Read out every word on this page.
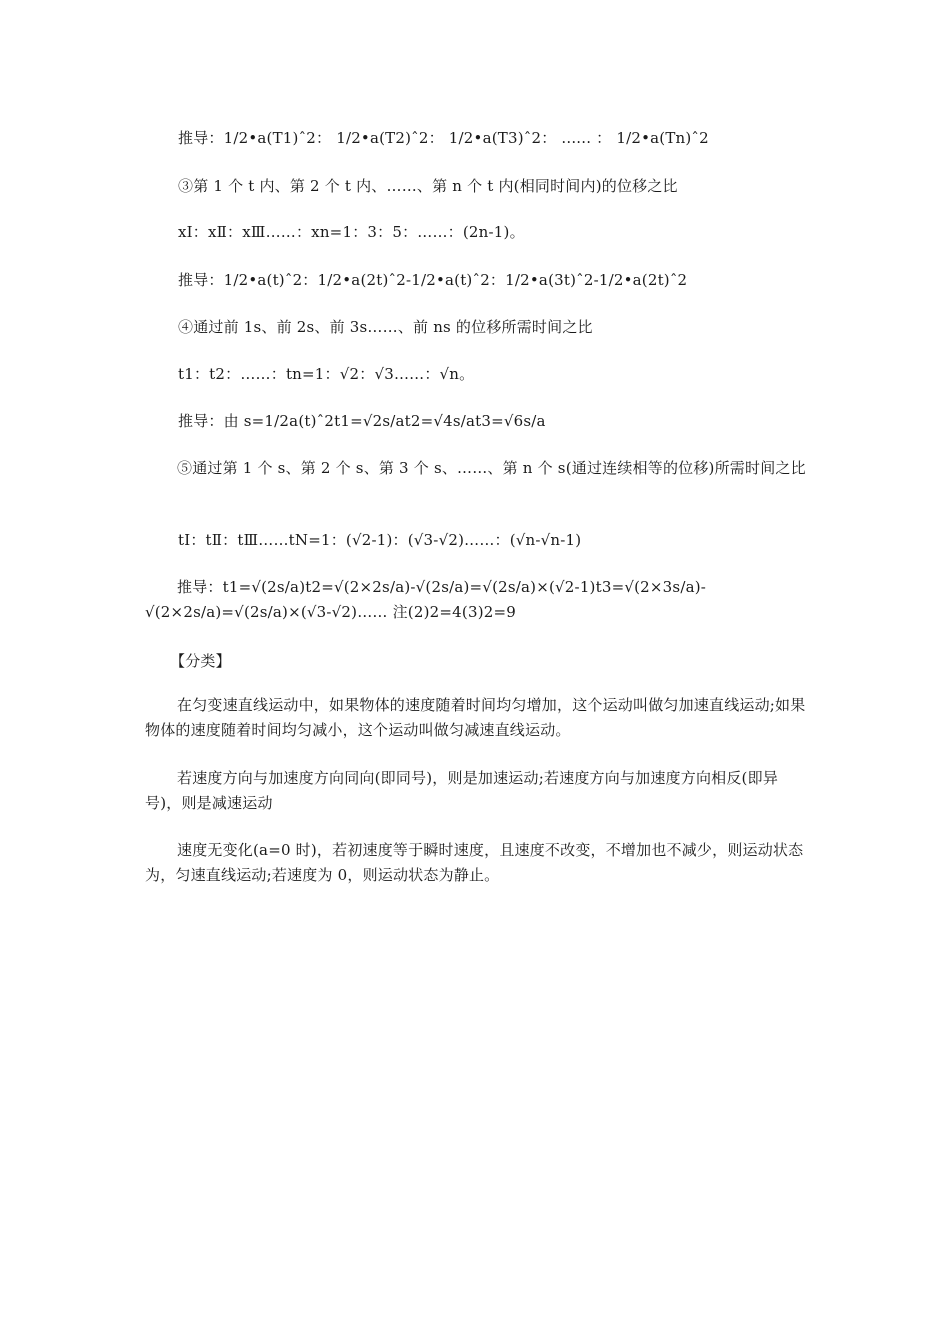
推导：1/2•a(T1)ˆ2： 1/2•a(T2)ˆ2： 1/2•a(T3)ˆ2： ...... ： 1/2•a(Tn)ˆ2
③第 1 个 t 内、第 2 个 t 内、……、第 n 个 t 内(相同时间内)的位移之比
xⅠ：xⅡ：xⅢ……：xn=1：3：5：……：(2n-1)。
推导：1/2•a(t)ˆ2：1/2•a(2t)ˆ2-1/2•a(t)ˆ2：1/2•a(3t)ˆ2-1/2•a(2t)ˆ2
④通过前 1s、前 2s、前 3s……、前 ns 的位移所需时间之比
t1：t2：……：tn=1：√2：√3……：√n。
推导：由 s=1/2a(t)ˆ2t1=√2s/at2=√4s/at3=√6s/a
⑤通过第 1 个 s、第 2 个 s、第 3 个 s、……、第 n 个 s(通过连续相等的位移)所需时间之比
tⅠ：tⅡ：tⅢ……tN=1：(√2-1)：(√3-√2)……：(√n-√n-1)
推导：t1=√(2s/a)t2=√(2×2s/a)-√(2s/a)=√(2s/a)×(√2-1)t3=√(2×3s/a)-√(2×2s/a)=√(2s/a)×(√3-√2)…… 注(2)2=4(3)2=9
【分类】
在匀变速直线运动中，如果物体的速度随着时间均匀增加，这个运动叫做匀加速直线运动;如果物体的速度随着时间均匀减小，这个运动叫做匀减速直线运动。
若速度方向与加速度方向同向(即同号)，则是加速运动;若速度方向与加速度方向相反(即异号)，则是减速运动
速度无变化(a=0 时)，若初速度等于瞬时速度，且速度不改变，不增加也不减少，则运动状态为，匀速直线运动;若速度为 0，则运动状态为静止。
